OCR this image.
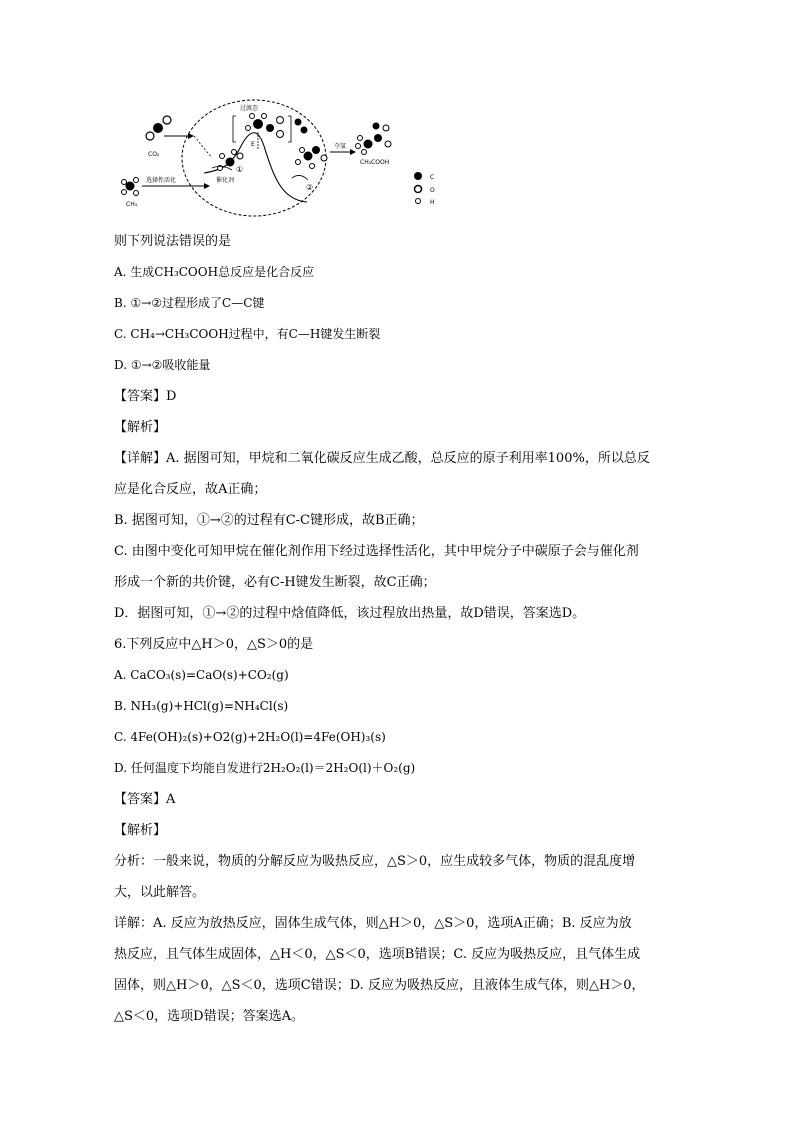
CO₂
CH₄
选择性活化
E
过渡态
催化剂
①
②
夺氢
CH₃COOH
C
O
H
则下列说法错误的是
A. 生成CH₃COOH总反应是化合反应
B. ①→②过程形成了C—C键
C. CH₄→CH₃COOH过程中，有C—H键发生断裂
D. ①→②吸收能量
【答案】D
【解析】
【详解】A. 据图可知，甲烷和二氧化碳反应生成乙酸，总反应的原子利用率100%，所以总反
应是化合反应，故A正确；
B. 据图可知，①→②的过程有C-C键形成，故B正确；
C. 由图中变化可知甲烷在催化剂作用下经过选择性活化，其中甲烷分子中碳原子会与催化剂
形成一个新的共价键，必有C-H键发生断裂，故C正确；
D．据图可知，①→②的过程中焓值降低，该过程放出热量，故D错误，答案选D。
6.下列反应中△H＞0，△S＞0的是
A. CaCO₃(s)=CaO(s)+CO₂(g)
B. NH₃(g)+HCl(g)=NH₄Cl(s)
C. 4Fe(OH)₂(s)+O2(g)+2H₂O(l)=4Fe(OH)₃(s)
D. 任何温度下均能自发进行2H₂O₂(l)＝2H₂O(l)＋O₂(g)
【答案】A
【解析】
分析：一般来说，物质的分解反应为吸热反应，△S＞0，应生成较多气体，物质的混乱度增
大，以此解答。
详解：A. 反应为放热反应，固体生成气体，则△H＞0，△S＞0，选项A正确；B. 反应为放
热反应，且气体生成固体，△H＜0，△S＜0，选项B错误；C. 反应为吸热反应，且气体生成
固体，则△H＞0，△S＜0，选项C错误；D. 反应为吸热反应，且液体生成气体，则△H＞0，
△S＜0，选项D错误；答案选A。
